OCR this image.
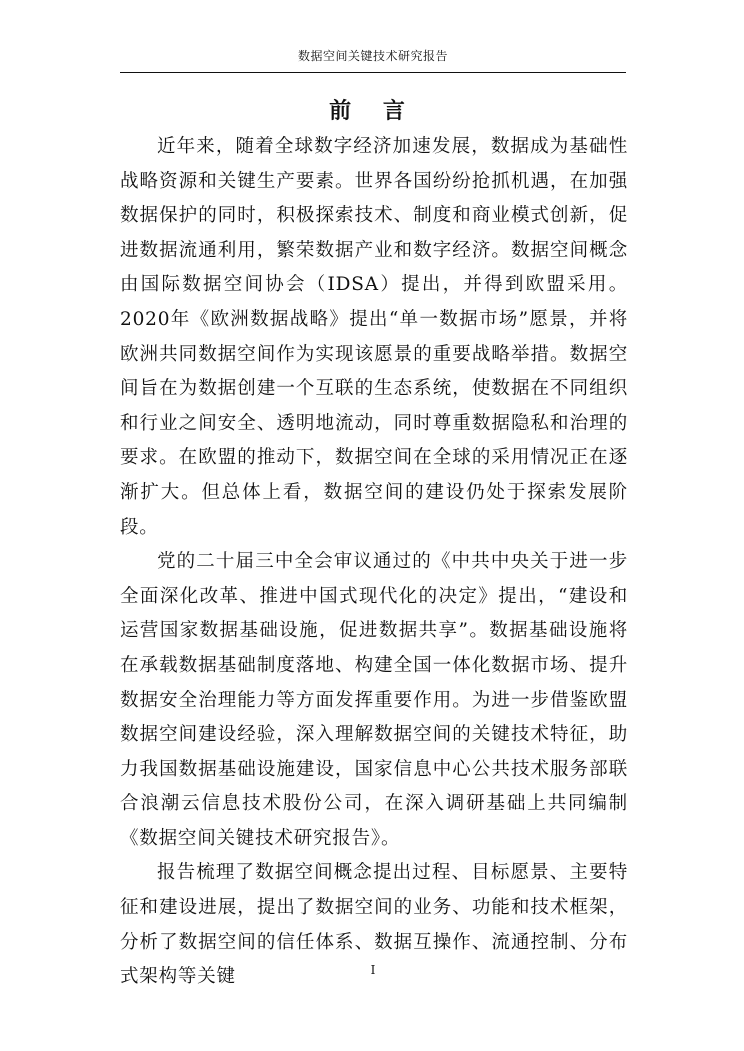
数据空间关键技术研究报告
前 言

近年来，随着全球数字经济加速发展，数据成为基础性战略资源和关键生产要素。世界各国纷纷抢抓机遇，在加强数据保护的同时，积极探索技术、制度和商业模式创新，促进数据流通利用，繁荣数据产业和数字经济。数据空间概念由国际数据空间协会（IDSA）提出，并得到欧盟采用。2020年《欧洲数据战略》提出“单一数据市场”愿景，并将欧洲共同数据空间作为实现该愿景的重要战略举措。数据空间旨在为数据创建一个互联的生态系统，使数据在不同组织和行业之间安全、透明地流动，同时尊重数据隐私和治理的要求。在欧盟的推动下，数据空间在全球的采用情况正在逐渐扩大。但总体上看，数据空间的建设仍处于探索发展阶段。

党的二十届三中全会审议通过的《中共中央关于进一步全面深化改革、推进中国式现代化的决定》提出，“建设和运营国家数据基础设施，促进数据共享”。数据基础设施将在承载数据基础制度落地、构建全国一体化数据市场、提升数据安全治理能力等方面发挥重要作用。为进一步借鉴欧盟数据空间建设经验，深入理解数据空间的关键技术特征，助力我国数据基础设施建设，国家信息中心公共技术服务部联合浪潮云信息技术股份公司，在深入调研基础上共同编制《数据空间关键技术研究报告》。

报告梳理了数据空间概念提出过程、目标愿景、主要特征和建设进展，提出了数据空间的业务、功能和技术框架，分析了数据空间的信任体系、数据互操作、流通控制、分布式架构等关键	I
